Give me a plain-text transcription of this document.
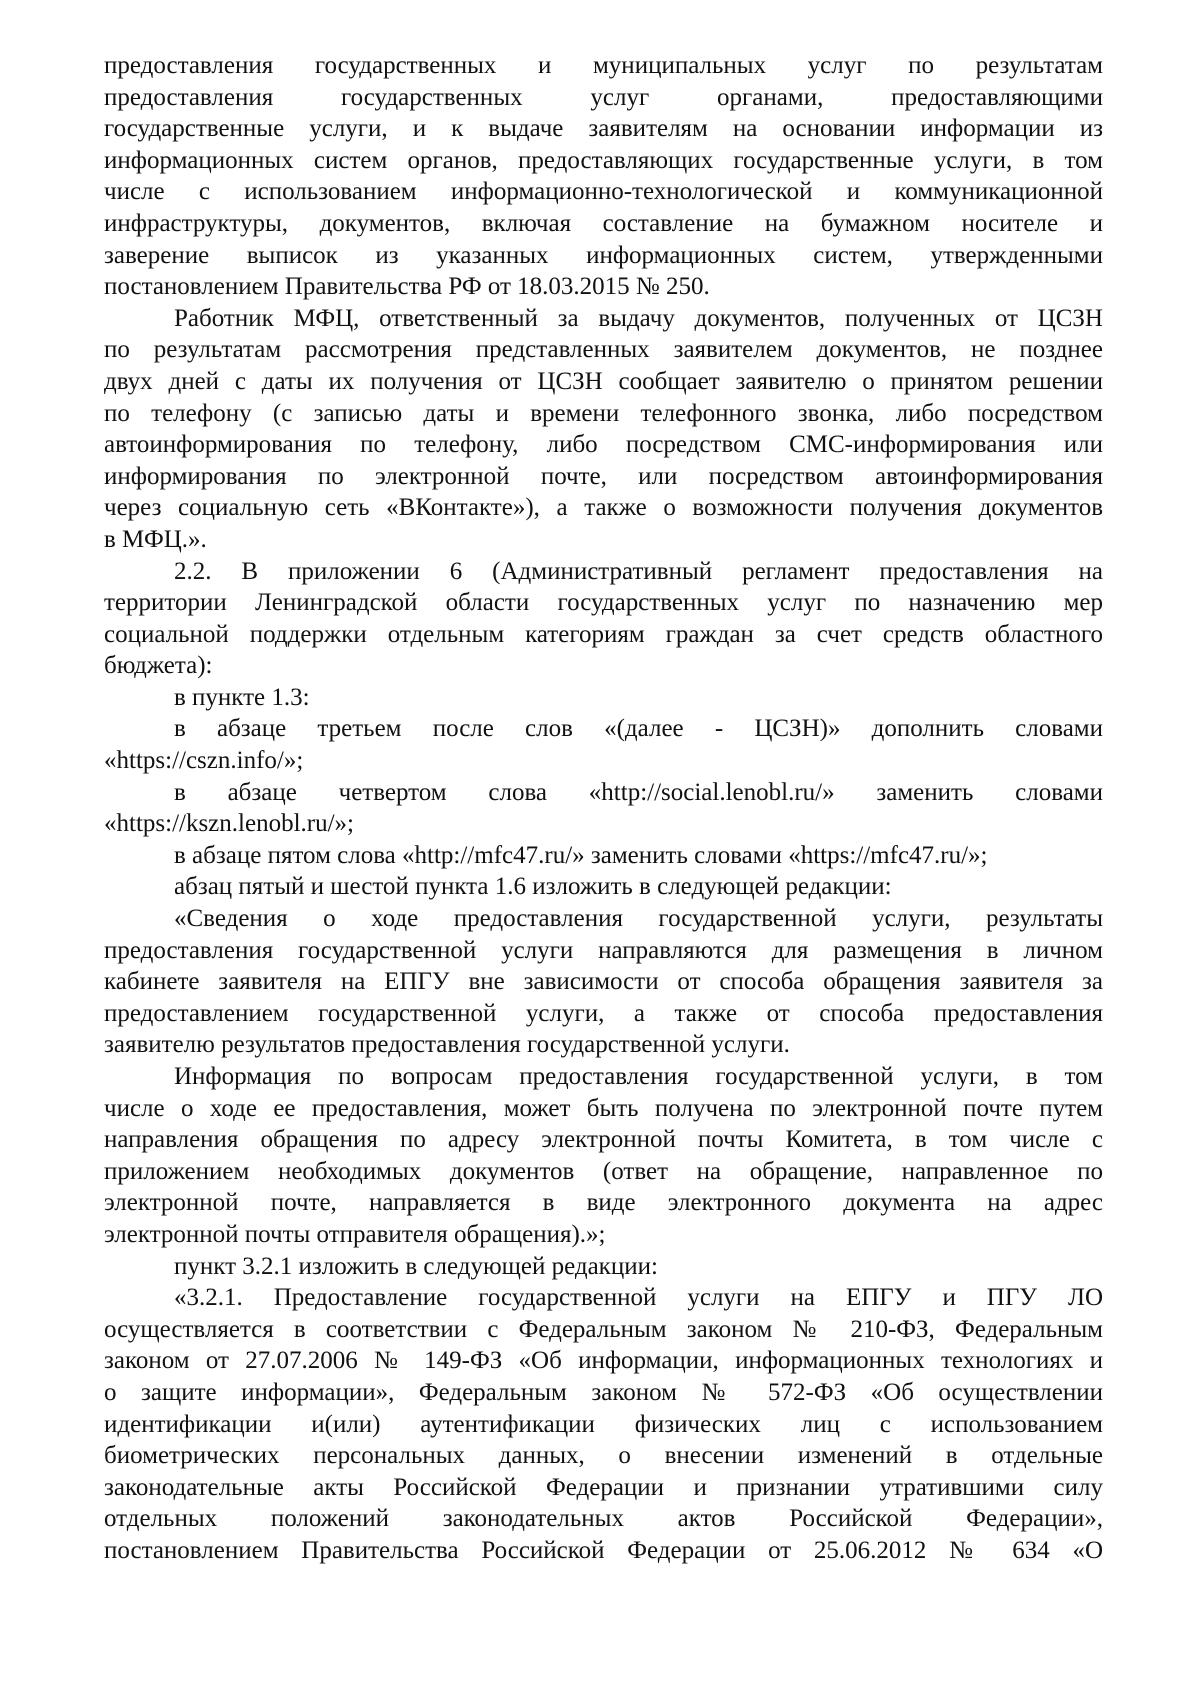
предоставления государственных и муниципальных услуг по результатам
предоставления государственных услуг органами, предоставляющими
государственные услуги, и к выдаче заявителям на основании информации из
информационных систем органов, предоставляющих государственные услуги, в том
числе с использованием информационно-технологической и коммуникационной
инфраструктуры, документов, включая составление на бумажном носителе и
заверение выписок из указанных информационных систем, утвержденными
постановлением Правительства РФ от 18.03.2015 № 250.
Работник МФЦ, ответственный за выдачу документов, полученных от ЦСЗН
по результатам рассмотрения представленных заявителем документов, не позднее
двух дней с даты их получения от ЦСЗН сообщает заявителю о принятом решении
по телефону (с записью даты и времени телефонного звонка, либо посредством
автоинформирования по телефону, либо посредством СМС-информирования или
информирования по электронной почте, или посредством автоинформирования
через социальную сеть «ВКонтакте»), а также о возможности получения документов
в МФЦ.».
2.2. В приложении 6 (Административный регламент предоставления на
территории Ленинградской области государственных услуг по назначению мер
социальной поддержки отдельным категориям граждан за счет средств областного
бюджета):
в пункте 1.3:
в абзаце третьем после слов «(далее - ЦСЗН)» дополнить словами
«https://cszn.info/»;
в абзаце четвертом слова «http://social.lenobl.ru/» заменить словами
«https://kszn.lenobl.ru/»;
в абзаце пятом слова «http://mfc47.ru/» заменить словами «https://mfc47.ru/»;
абзац пятый и шестой пункта 1.6 изложить в следующей редакции:
«Сведения о ходе предоставления государственной услуги, результаты
предоставления государственной услуги направляются для размещения в личном
кабинете заявителя на ЕПГУ вне зависимости от способа обращения заявителя за
предоставлением государственной услуги, а также от способа предоставления
заявителю результатов предоставления государственной услуги.
Информация по вопросам предоставления государственной услуги, в том
числе о ходе ее предоставления, может быть получена по электронной почте путем
направления обращения по адресу электронной почты Комитета, в том числе с
приложением необходимых документов (ответ на обращение, направленное по
электронной почте, направляется в виде электронного документа на адрес
электронной почты отправителя обращения).»;
пункт 3.2.1 изложить в следующей редакции:
«3.2.1. Предоставление государственной услуги на ЕПГУ и ПГУ ЛО
осуществляется в соответствии с Федеральным законом № 210-ФЗ, Федеральным
законом от 27.07.2006 № 149-ФЗ «Об информации, информационных технологиях и
о защите информации», Федеральным законом № 572-ФЗ «Об осуществлении
идентификации и(или) аутентификации физических лиц с использованием
биометрических персональных данных, о внесении изменений в отдельные
законодательные акты Российской Федерации и признании утратившими силу
отдельных положений законодательных актов Российской Федерации»,
постановлением Правительства Российской Федерации от 25.06.2012 № 634 «О
